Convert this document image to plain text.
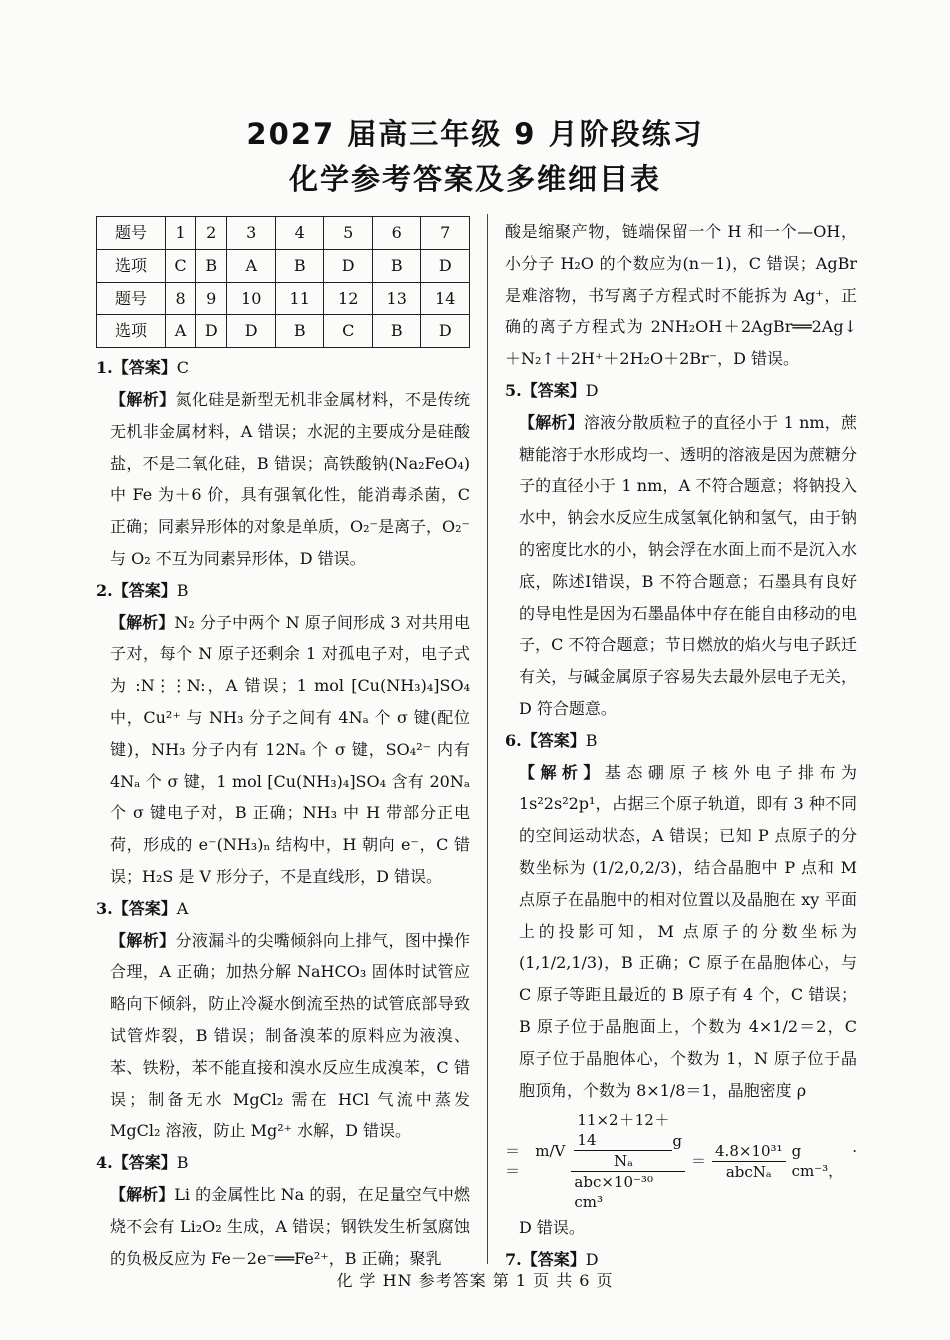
2027 届高三年级 9 月阶段练习
化学参考答案及多维细目表
题号	1	2	3	4	5	6	7
选项	C	B	A	B	D	B	D
题号	8	9	10	11	12	13	14
选项	A	D	D	B	C	B	D

1.【答案】C

【解析】氮化硅是新型无机非金属材料，不是传统无机非金属材料，A 错误；水泥的主要成分是硅酸盐，不是二氧化硅，B 错误；高铁酸钠(Na₂FeO₄)中 Fe 为＋6 价，具有强氧化性，能消毒杀菌，C 正确；同素异形体的对象是单质，O₂⁻是离子，O₂⁻ 与 O₂ 不互为同素异形体，D 错误。

2.【答案】B

【解析】N₂ 分子中两个 N 原子间形成 3 对共用电子对，每个 N 原子还剩余 1 对孤电子对，电子式为 :N⋮⋮N:，A 错误；1 mol [Cu(NH₃)₄]SO₄ 中，Cu²⁺ 与 NH₃ 分子之间有 4Nₐ 个 σ 键(配位键)，NH₃ 分子内有 12Nₐ 个 σ 键，SO₄²⁻ 内有 4Nₐ 个 σ 键，1 mol [Cu(NH₃)₄]SO₄ 含有 20Nₐ 个 σ 键电子对，B 正确；NH₃ 中 H 带部分正电荷，形成的 e⁻(NH₃)ₙ 结构中，H 朝向 e⁻，C 错误；H₂S 是 V 形分子，不是直线形，D 错误。

3.【答案】A

【解析】分液漏斗的尖嘴倾斜向上排气，图中操作合理，A 正确；加热分解 NaHCO₃ 固体时试管应略向下倾斜，防止冷凝水倒流至热的试管底部导致试管炸裂，B 错误；制备溴苯的原料应为液溴、苯、铁粉，苯不能直接和溴水反应生成溴苯，C 错误；制备无水 MgCl₂ 需在 HCl 气流中蒸发 MgCl₂ 溶液，防止 Mg²⁺ 水解，D 错误。

4.【答案】B

【解析】Li 的金属性比 Na 的弱，在足量空气中燃烧不会有 Li₂O₂ 生成，A 错误；钢铁发生析氢腐蚀的负极反应为 Fe－2e⁻══Fe²⁺，B 正确；聚乳

酸是缩聚产物，链端保留一个 H 和一个—OH，小分子 H₂O 的个数应为(n－1)，C 错误；AgBr 是难溶物，书写离子方程式时不能拆为 Ag⁺，正确的离子方程式为 2NH₂OH＋2AgBr══2Ag↓＋N₂↑＋2H⁺＋2H₂O＋2Br⁻，D 错误。

5.【答案】D

【解析】溶液分散质粒子的直径小于 1 nm，蔗糖能溶于水形成均一、透明的溶液是因为蔗糖分子的直径小于 1 nm，A 不符合题意；将钠投入水中，钠会水反应生成氢氧化钠和氢气，由于钠的密度比水的小，钠会浮在水面上而不是沉入水底，陈述Ⅰ错误，B 不符合题意；石墨具有良好的导电性是因为石墨晶体中存在能自由移动的电子，C 不符合题意；节日燃放的焰火与电子跃迁有关，与碱金属原子容易失去最外层电子无关，D 符合题意。

6.【答案】B

【解析】基态硼原子核外电子排布为 1s²2s²2p¹，占据三个原子轨道，即有 3 种不同的空间运动状态，A 错误；已知 P 点原子的分数坐标为 (1/2,0,2/3)，结合晶胞中 P 点和 M 点原子在晶胞中的相对位置以及晶胞在 xy 平面上的投影可知，M 点原子的分数坐标为 (1,1/2,1/3)，B 正确；C 原子在晶胞体心，与 C 原子等距且最近的 B 原子有 4 个，C 错误；B 原子位于晶胞面上，个数为 4×1/2＝2，C 原子位于晶胞体心，个数为 1，N 原子位于晶胞顶角，个数为 8×1/8＝1，晶胞密度 ρ

＝ m/V ＝	$\frac{\frac{11\times 2+12+14}{\text{Nₐ}} g}{\text{abc×10⁻³⁰ cm³}} = \frac{\text{4.8×10³¹}}{\text{abcNₐ}}$ g · cm⁻³，

D 错误。

7.【答案】D

化 学 HN 参考答案 第 1 页 共 6 页
